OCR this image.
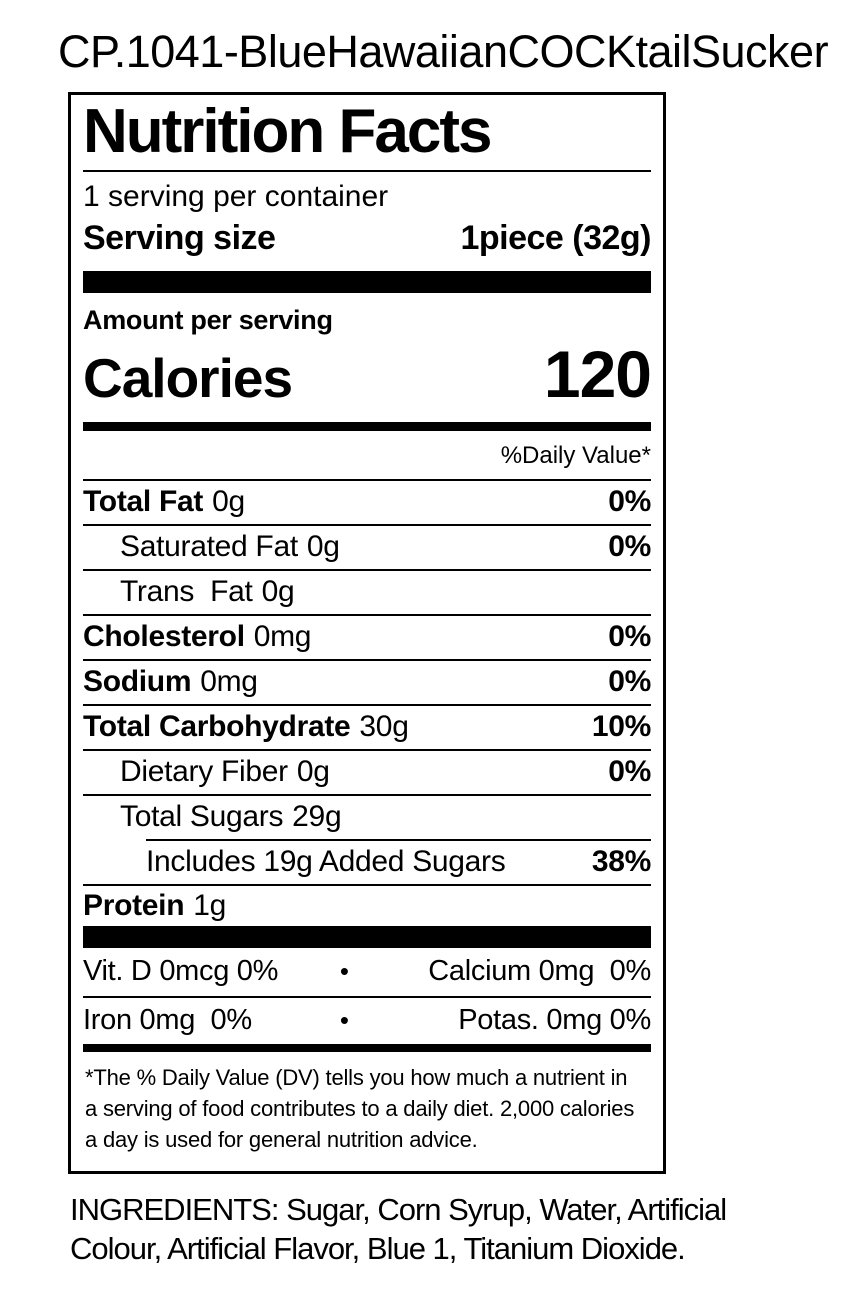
CP.1041-BlueHawaiianCOCKtailSucker
Nutrition Facts
1 serving per container
Serving size	1piece (32g)
Amount per serving
Calories	120
%Daily Value*
Total Fat 0g	0%
Saturated Fat 0g	0%
Trans  Fat 0g
Cholesterol 0mg	0%
Sodium 0mg	0%
Total Carbohydrate 30g	10%
Dietary Fiber 0g	0%
Total Sugars 29g
Includes 19g Added Sugars	38%
Protein 1g
Vit. D 0mcg 0%	•	Calcium 0mg  0%
Iron 0mg  0%	•	Potas. 0mg 0%
*The % Daily Value (DV) tells you how much a nutrient in a serving of food contributes to a daily diet. 2,000 calories a day is used for general nutrition advice.
INGREDIENTS: Sugar, Corn Syrup, Water, Artificial Colour, Artificial Flavor, Blue 1, Titanium Dioxide.
